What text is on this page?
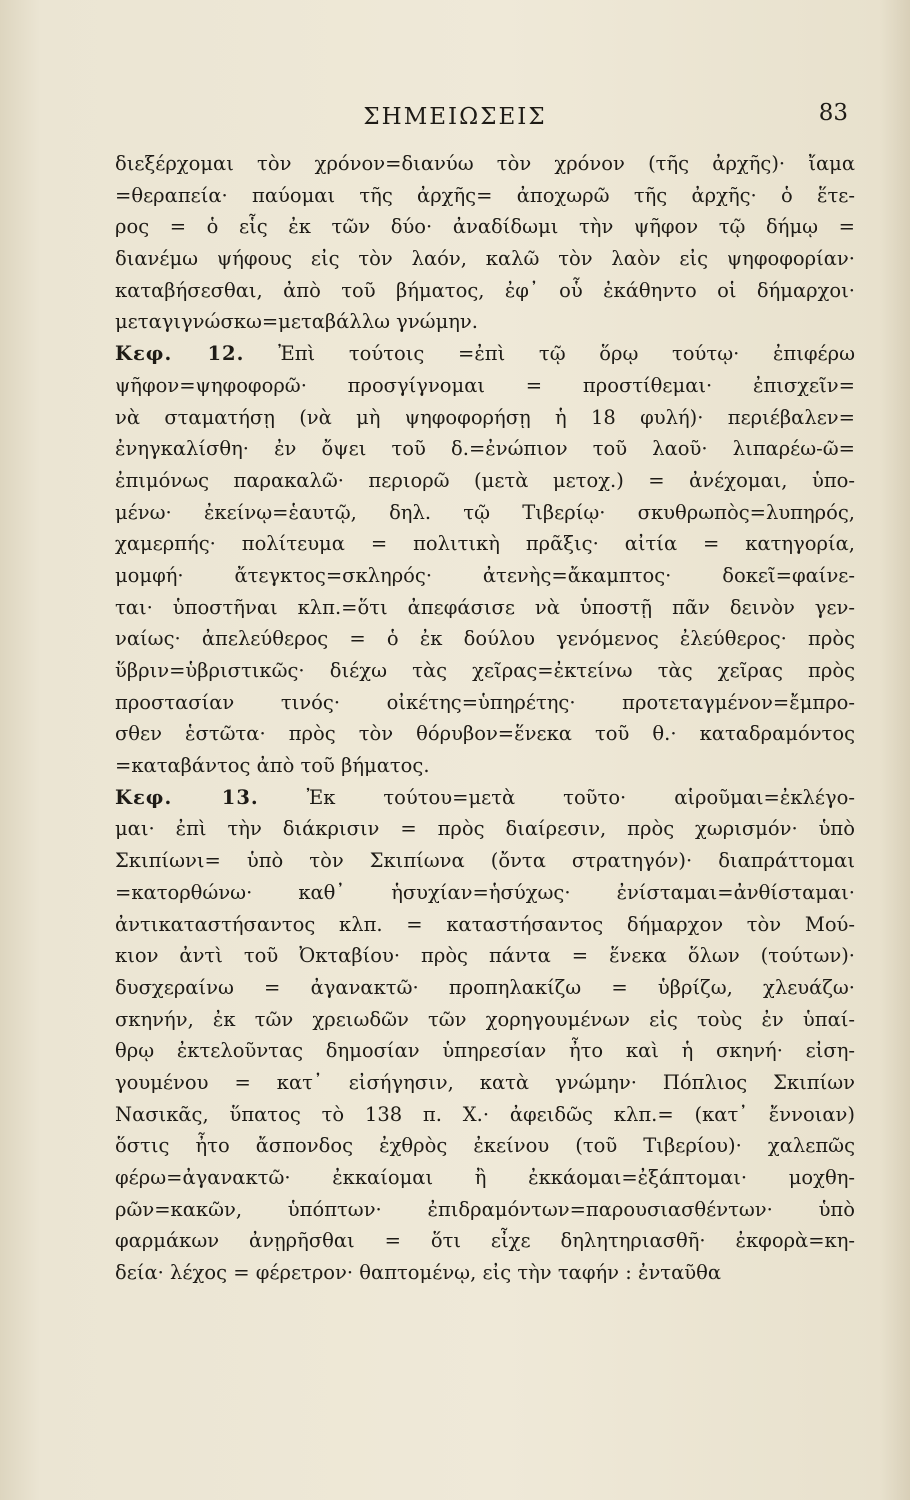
ΣΗΜΕΙΩΣΕΙΣ	83
διεξέρχομαι τὸν χρόνον=διανύω τὸν χρόνον (τῆς ἀρχῆς)· ἴαμα
=θεραπεία· παύομαι τῆς ἀρχῆς= ἀποχωρῶ τῆς ἀρχῆς· ὁ ἕτε-
ρος = ὁ εἷς ἐκ τῶν δύο· ἀναδίδωμι τὴν ψῆφον τῷ δήμῳ =
διανέμω ψήφους εἰς τὸν λαόν, καλῶ τὸν λαὸν εἰς ψηφοφορίαν·
καταβήσεσθαι, ἀπὸ τοῦ βήματος, ἐφ᾽ οὗ ἐκάθηντο οἱ δήμαρχοι·
μεταγιγνώσκω=μεταβάλλω γνώμην.
Κεφ. 12. Ἐπὶ τούτοις =ἐπὶ τῷ ὅρῳ τούτῳ· ἐπιφέρω
ψῆφον=ψηφοφορῶ· προσγίγνομαι = προστίθεμαι· ἐπισχεῖν=
νὰ σταματήσῃ (νὰ μὴ ψηφοφορήσῃ ἡ 18 φυλή)· περιέβαλεν=
ἐνηγκαλίσθη· ἐν ὄψει τοῦ δ.=ἐνώπιον τοῦ λαοῦ· λιπαρέω-ῶ=
ἐπιμόνως παρακαλῶ· περιορῶ (μετὰ μετοχ.) = ἀνέχομαι, ὑπο-
μένω· ἐκείνῳ=ἑαυτῷ, δηλ. τῷ Τιβερίῳ· σκυθρωπὸς=λυπηρός,
χαμερπής· πολίτευμα = πολιτικὴ πρᾶξις· αἰτία = κατηγορία,
μομφή· ἄτεγκτος=σκληρός· ἀτενὴς=ἄκαμπτος· δοκεῖ=φαίνε-
ται· ὑποστῆναι κλπ.=ὅτι ἀπεφάσισε νὰ ὑποστῇ πᾶν δεινὸν γεν-
ναίως· ἀπελεύθερος = ὁ ἐκ δούλου γενόμενος ἐλεύθερος· πρὸς
ὕβριν=ὑβριστικῶς· διέχω τὰς χεῖρας=ἐκτείνω τὰς χεῖρας πρὸς
προστασίαν τινός· οἰκέτης=ὑπηρέτης· προτεταγμένον=ἔμπρο-
σθεν ἑστῶτα· πρὸς τὸν θόρυβον=ἕνεκα τοῦ θ.· καταδραμόντος
=καταβάντος ἀπὸ τοῦ βήματος.
Κεφ. 13. Ἐκ τούτου=μετὰ τοῦτο· αἱροῦμαι=ἐκλέγο-
μαι· ἐπὶ τὴν διάκρισιν = πρὸς διαίρεσιν, πρὸς χωρισμόν· ὑπὸ
Σκιπίωνι= ὑπὸ τὸν Σκιπίωνα (ὄντα στρατηγόν)· διαπράττομαι
=κατορθώνω· καθ᾽ ἡσυχίαν=ἡσύχως· ἐνίσταμαι=ἀνθίσταμαι·
ἀντικαταστήσαντος κλπ. = καταστήσαντος δήμαρχον τὸν Μού-
κιον ἀντὶ τοῦ Ὀκταβίου· πρὸς πάντα = ἕνεκα ὅλων (τούτων)·
δυσχεραίνω = ἀγανακτῶ· προπηλακίζω = ὑβρίζω, χλευάζω·
σκηνήν, ἐκ τῶν χρειωδῶν τῶν χορηγουμένων εἰς τοὺς ἐν ὑπαί-
θρῳ ἐκτελοῦντας δημοσίαν ὑπηρεσίαν ἦτο καὶ ἡ σκηνή· εἰση-
γουμένου = κατ᾽ εἰσήγησιν, κατὰ γνώμην· Πόπλιος Σκιπίων
Νασικᾶς, ὕπατος τὸ 138 π. Χ.· ἀφειδῶς κλπ.= (κατ᾽ ἔννοιαν)
ὅστις ἦτο ἄσπονδος ἐχθρὸς ἐκείνου (τοῦ Τιβερίου)· χαλεπῶς
φέρω=ἀγανακτῶ· ἐκκαίομαι ἢ ἐκκάομαι=ἐξάπτομαι· μοχθη-
ρῶν=κακῶν, ὑπόπτων· ἐπιδραμόντων=παρουσιασθέντων· ὑπὸ
φαρμάκων ἀνῃρῆσθαι = ὅτι εἶχε δηλητηριασθῆ· ἐκφορὰ=κη-
δεία· λέχος = φέρετρον· θαπτομένῳ, εἰς τὴν ταφήν : ἐνταῦθα
